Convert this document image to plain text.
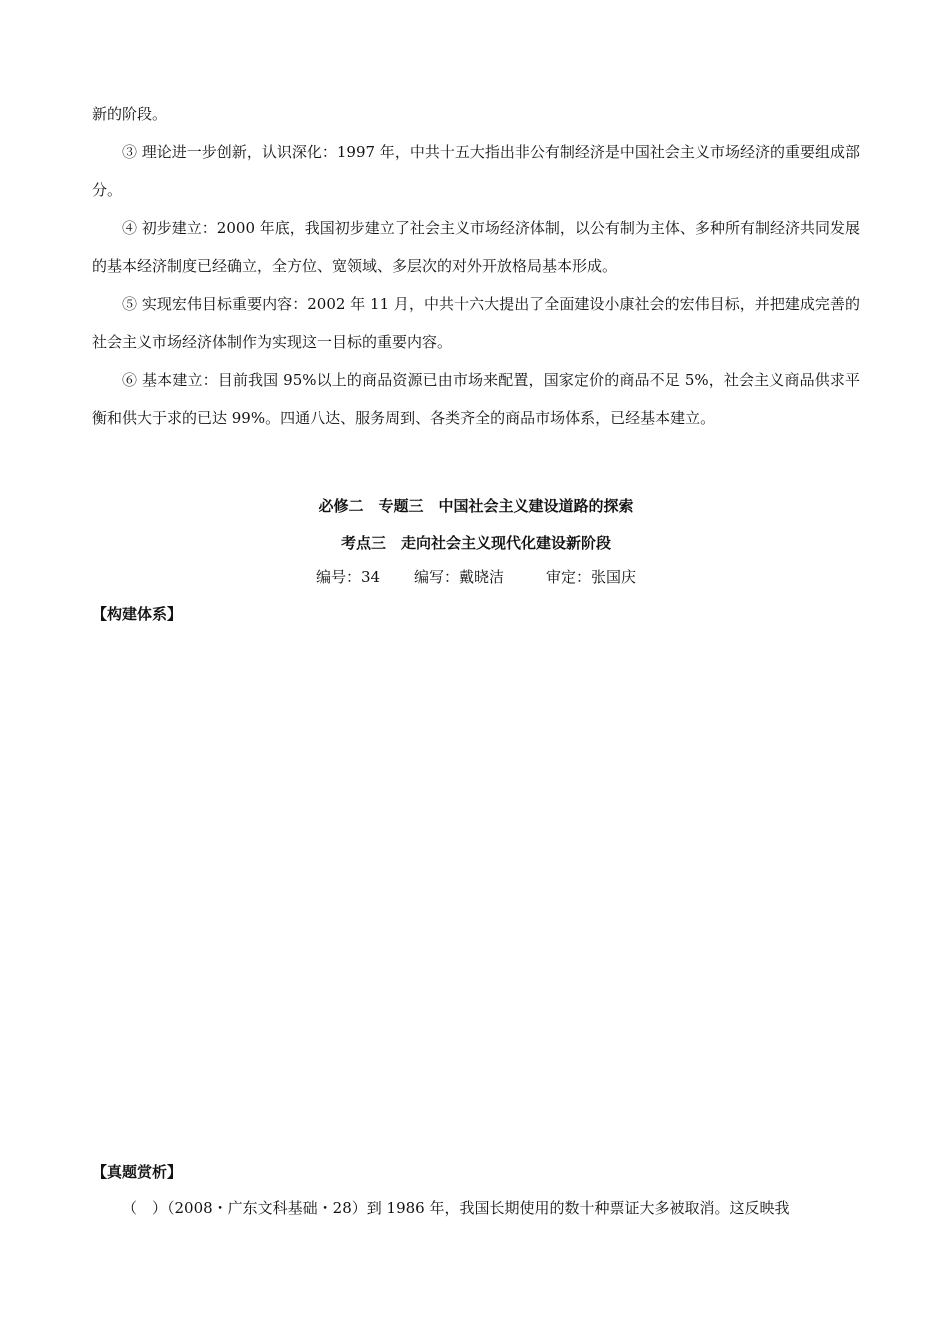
新的阶段。

③ 理论进一步创新，认识深化：1997 年，中共十五大指出非公有制经济是中国社会主义市场经济的重要组成部分。

④ 初步建立：2000 年底，我国初步建立了社会主义市场经济体制，以公有制为主体、多种所有制经济共同发展的基本经济制度已经确立，全方位、宽领域、多层次的对外开放格局基本形成。

⑤ 实现宏伟目标重要内容：2002 年 11 月，中共十六大提出了全面建设小康社会的宏伟目标，并把建成完善的社会主义市场经济体制作为实现这一目标的重要内容。

⑥ 基本建立：目前我国 95%以上的商品资源已由市场来配置，国家定价的商品不足 5%，社会主义商品供求平衡和供大于求的已达 99%。四通八达、服务周到、各类齐全的商品市场体系，已经基本建立。

必修二　专题三　中国社会主义建设道路的探索
考点三　走向社会主义现代化建设新阶段
编号：34 编写：戴晓洁	审定：张国庆
【构建体系】
【真题赏析】
（　）（2008・广东文科基础・28）到 1986 年，我国长期使用的数十种票证大多被取消。这反映我
